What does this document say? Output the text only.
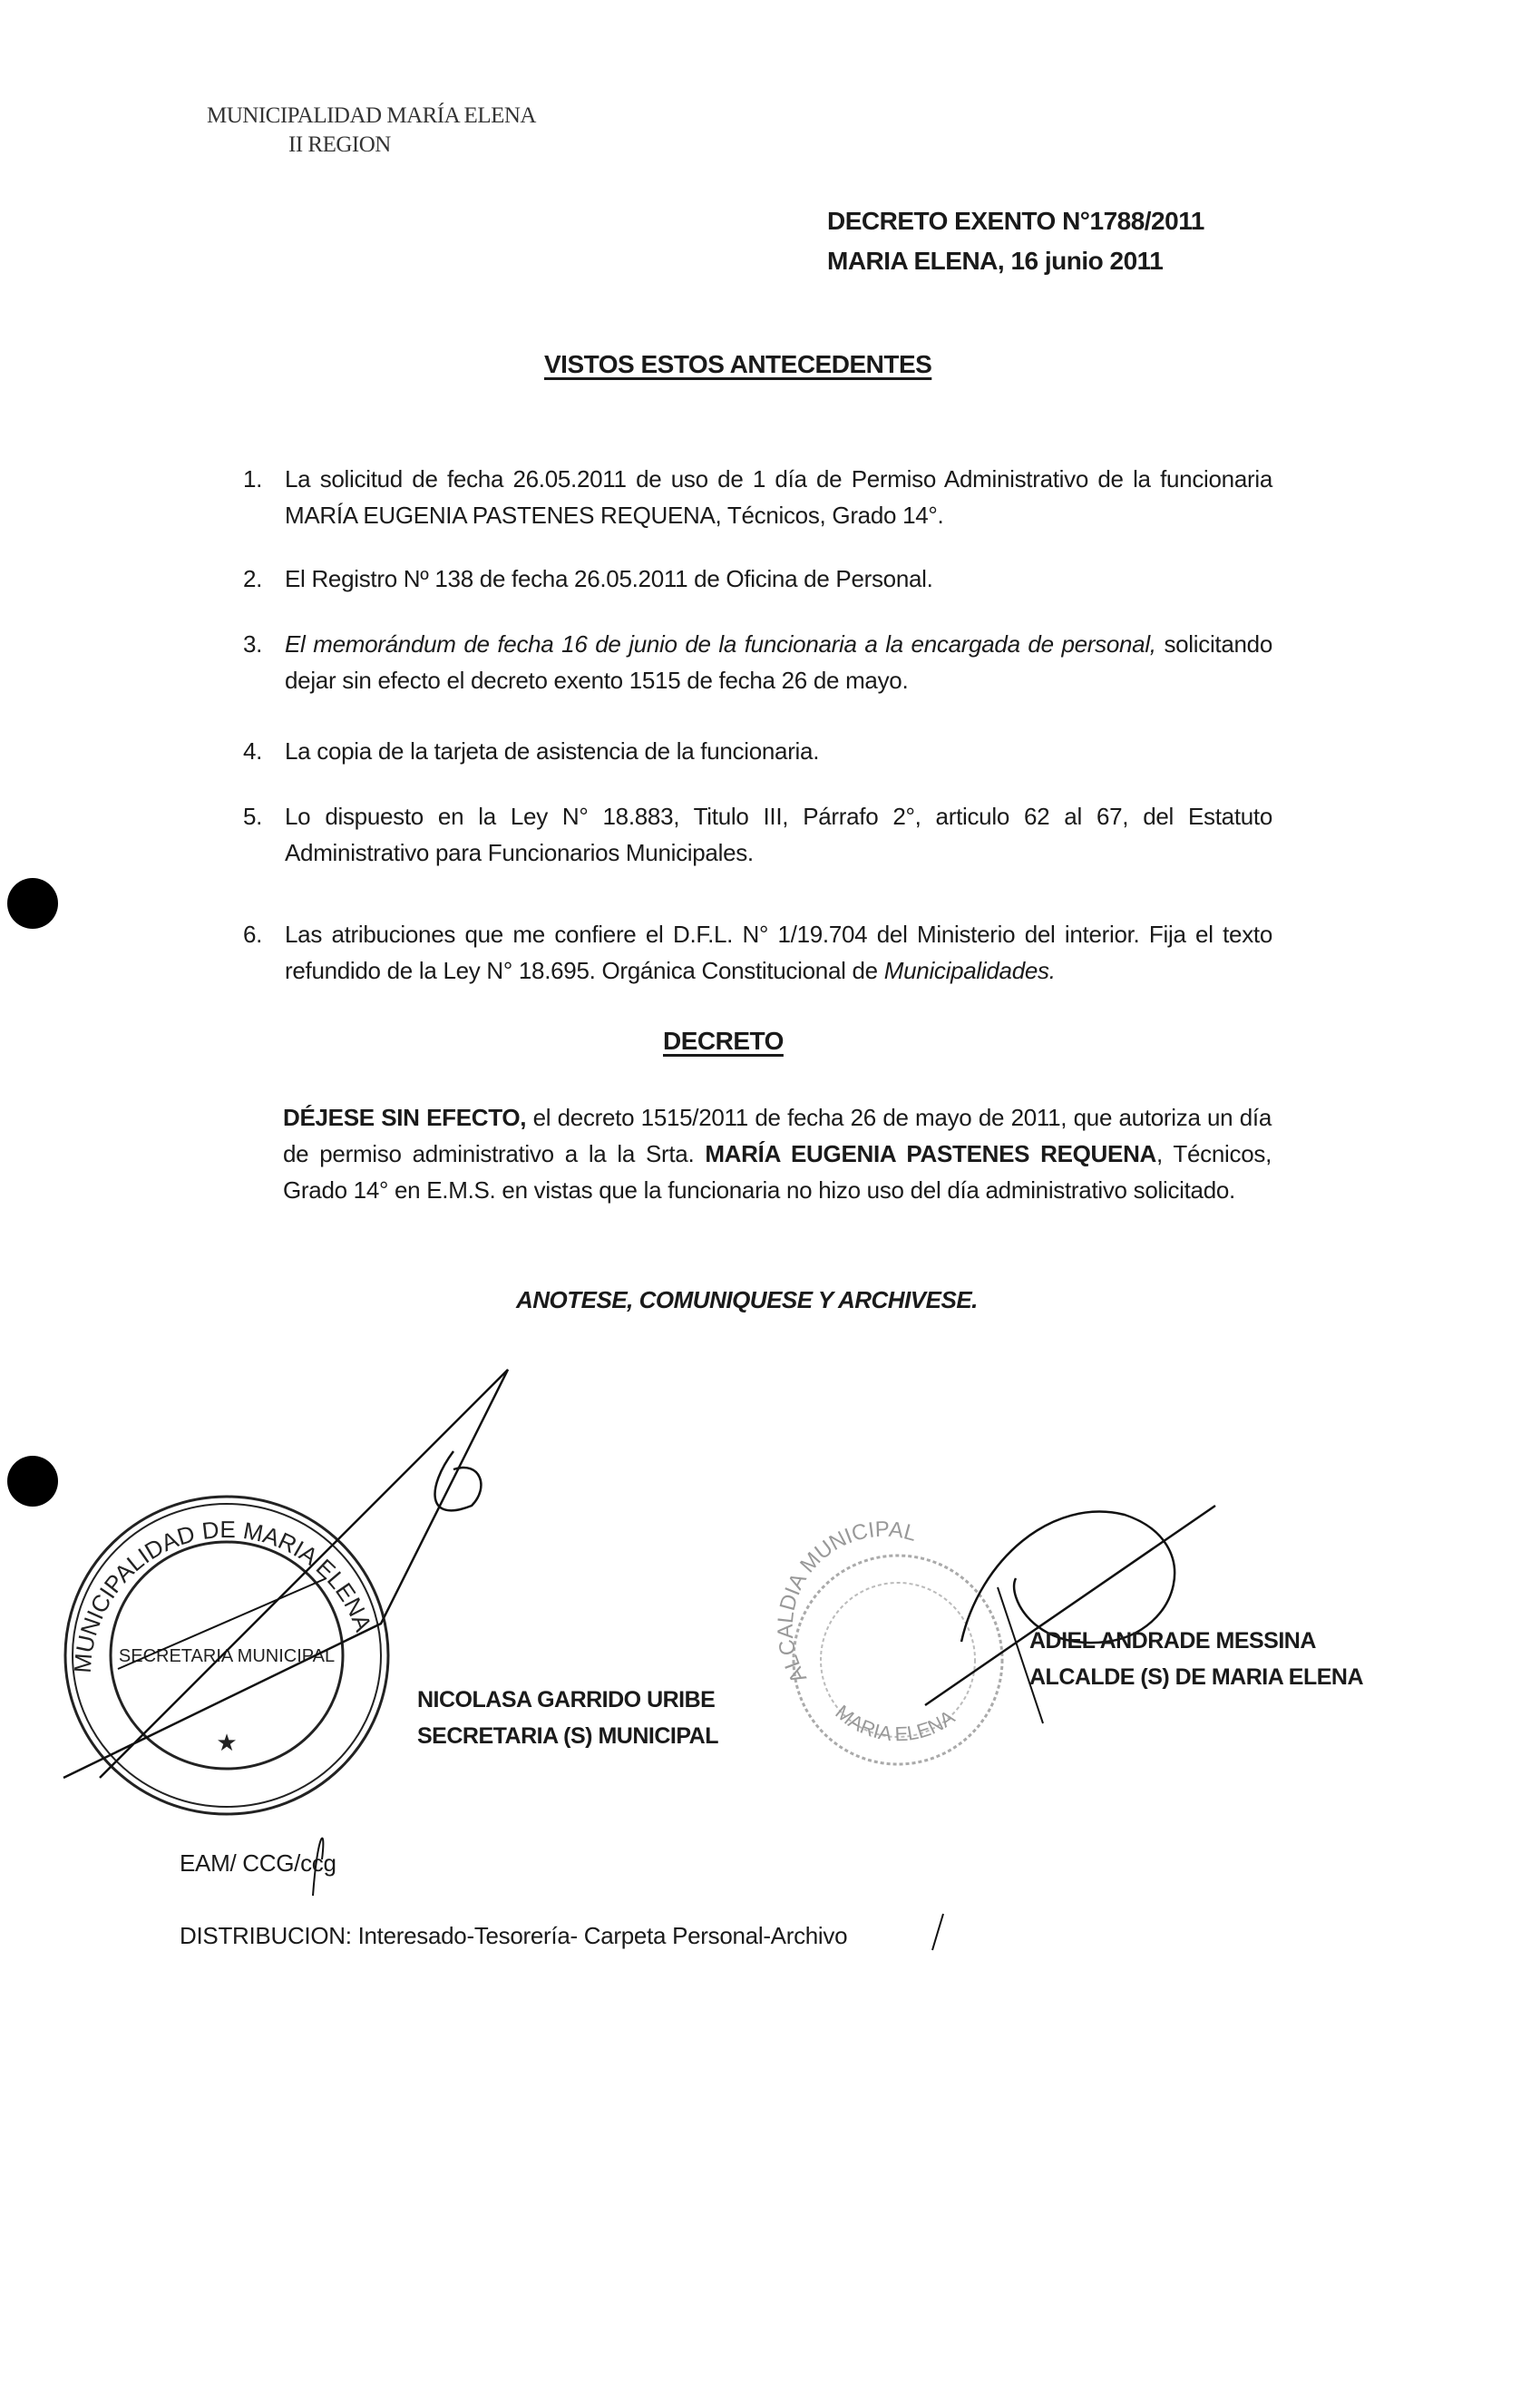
MUNICIPALIDAD MARÍA ELENA
II REGION
DECRETO EXENTO N°1788/2011
MARIA ELENA, 16 junio 2011
VISTOS ESTOS ANTECEDENTES
1. La solicitud de fecha 26.05.2011 de uso de 1 día de Permiso Administrativo de la funcionaria MARÍA EUGENIA PASTENES REQUENA, Técnicos, Grado 14°.
2. El Registro Nº 138 de fecha 26.05.2011 de Oficina de Personal.
3. El memorándum de fecha 16 de junio de la funcionaria a la encargada de personal, solicitando dejar sin efecto el decreto exento 1515 de fecha 26 de mayo.
4. La copia de la tarjeta de asistencia de la funcionaria.
5. Lo dispuesto en la Ley N° 18.883, Titulo III, Párrafo 2°, articulo 62 al 67, del Estatuto Administrativo para Funcionarios Municipales.
6. Las atribuciones que me confiere el D.F.L. N° 1/19.704 del Ministerio del interior. Fija el texto refundido de la Ley N° 18.695. Orgánica Constitucional de Municipalidades.
DECRETO
DÉJESE SIN EFECTO, el decreto 1515/2011 de fecha 26 de mayo de 2011, que autoriza un día de permiso administrativo a la la Srta. MARÍA EUGENIA PASTENES REQUENA, Técnicos, Grado 14° en E.M.S. en vistas que la funcionaria no hizo uso del día administrativo solicitado.
ANOTESE, COMUNIQUESE Y ARCHIVESE.
MUNICIPALIDAD DE MARIA ELENA
SECRETARIA MUNICIPAL
★
ALCALDIA MUNICIPAL
MARIA ELENA
NICOLASA GARRIDO URIBE
SECRETARIA (S) MUNICIPAL
ADIEL ANDRADE MESSINA
ALCALDE (S) DE MARIA ELENA
EAM/ CCG/ccg
DISTRIBUCION: Interesado-Tesorería- Carpeta Personal-Archivo
